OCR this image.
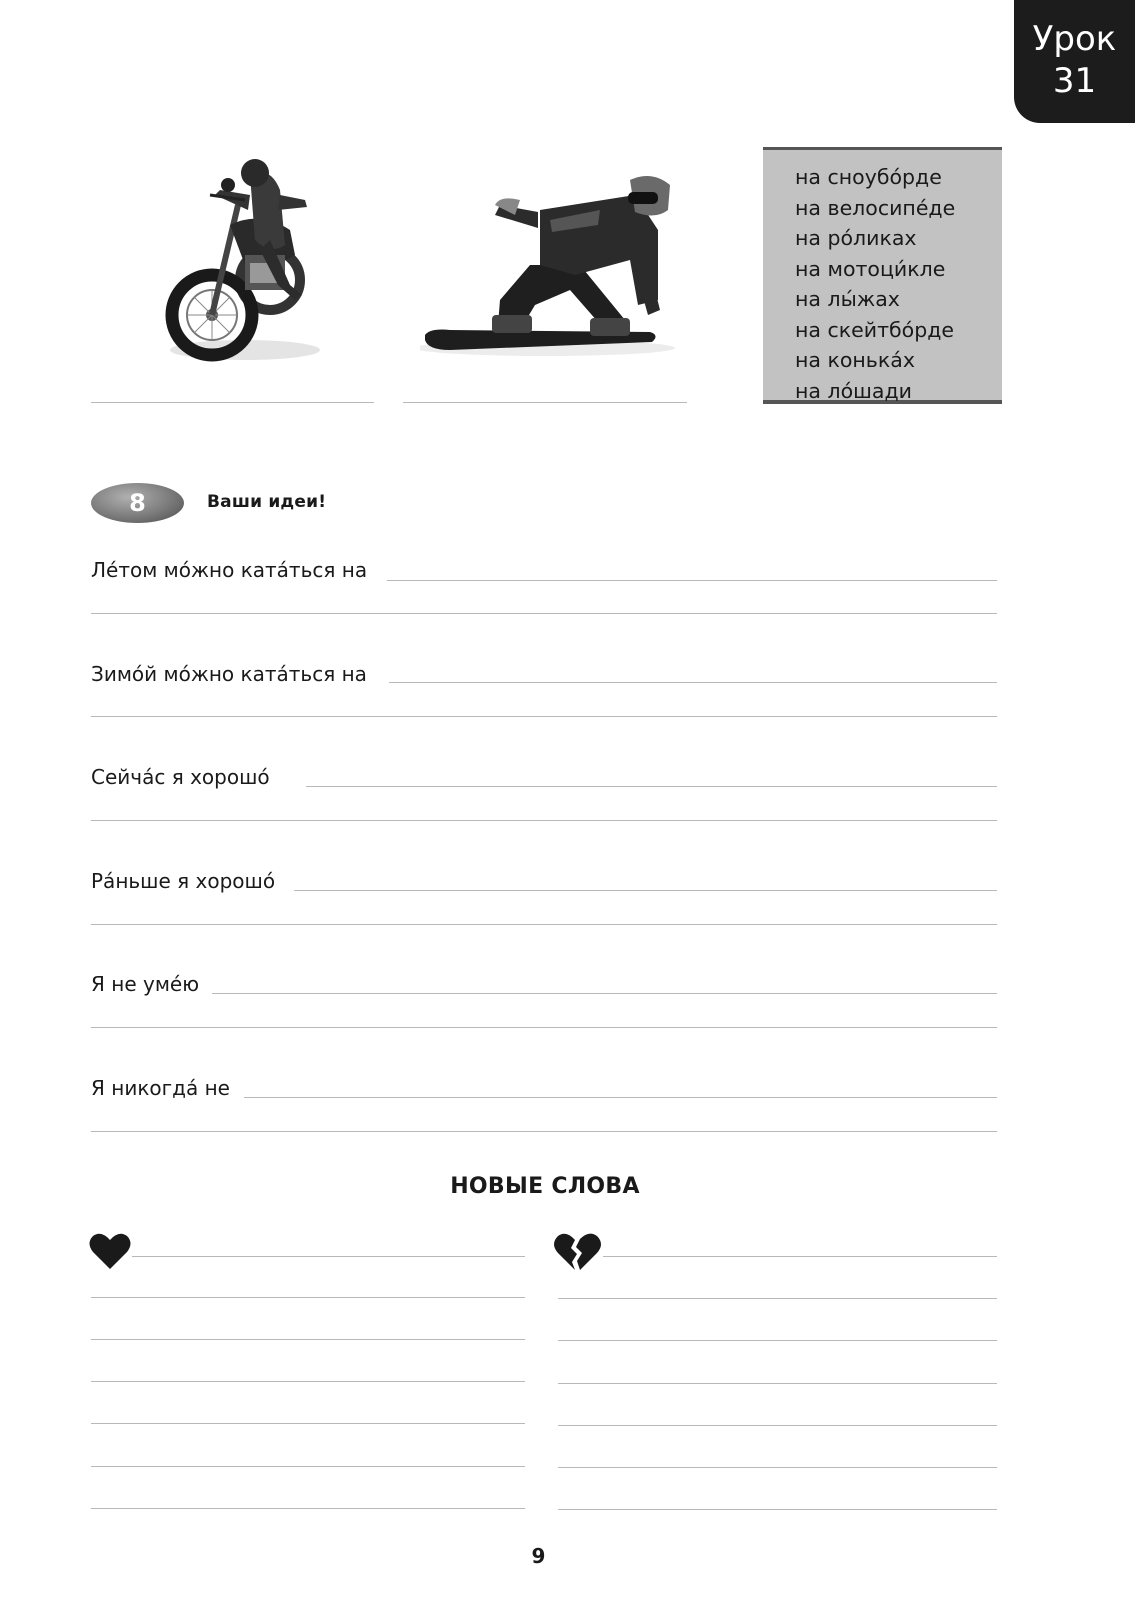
Урок
31
на сноубо́рде
на велосипе́де
на ро́ликах
на мотоци́кле
на лы́жах
на скейтбо́рде
на конька́х
на ло́шади
8	Ваши идеи!
Ле́том мо́жно ката́ться на
Зимо́й мо́жно ката́ться на
Сейча́с я хорошо́
Ра́ньше я хорошо́
Я не уме́ю
Я никогда́ не
НОВЫЕ СЛОВА
9
